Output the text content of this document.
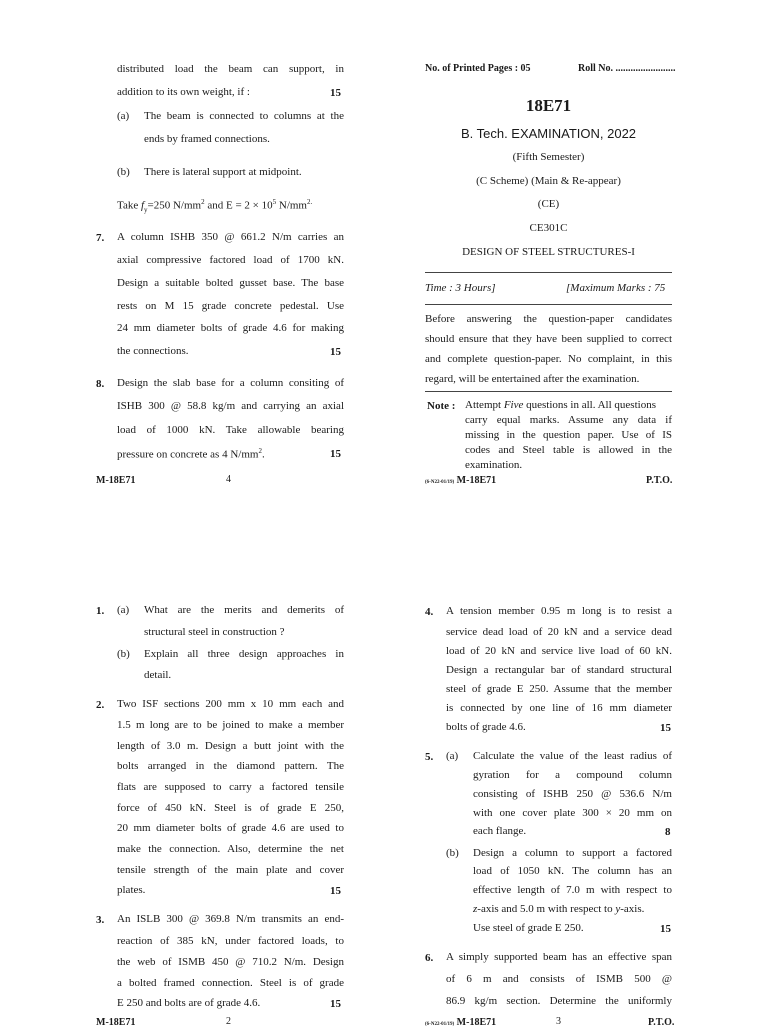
distributed load the beam can support, in
addition to its own weight, if :	15
(a) The beam is connected to columns at the
ends by framed connections.
(b) There is lateral support at midpoint.
Take $f_y=250$ $N/mm^2$ and $E = 2 \times 10^5$ $N/mm^{2.}$
7. A column ISHB 350 @ 661.2 N/m carries an
axial compressive factored load of 1700 kN.
Design a suitable bolted gusset base. The base
rests on M 15 grade concrete pedestal. Use
24 mm diameter bolts of grade 4.6 for making
the connections.	15
8. Design the slab base for a column consiting of
ISHB 300 @ 58.8 kg/m and carrying an axial
load of 1000 kN. Take allowable bearing
pressure on concrete as 4 $N/mm^2$.	15
M-18E71	4
No. of Printed Pages : 05	Roll No. ........................
18E71
B. Tech. EXAMINATION, 2022
(Fifth Semester)
(C Scheme) (Main & Re-appear)
(CE)
CE301C
DESIGN OF STEEL STRUCTURES-I
Time : 3 Hours]	[Maximum Marks : 75
Before answering the question-paper candidates
should ensure that they have been supplied to correct
and complete question-paper. No complaint, in this
regard, will be entertained after the examination.
Note : Attempt Five questions in all. All questions
carry equal marks. Assume any data if
missing in the question paper. Use of IS
codes and Steel table is allowed in the
examination.
(6-N22-01/19) M-18E71	P.T.O.
1. (a) What are the merits and demerits of
structural steel in construction ?
(b) Explain all three design approaches in
detail.
2. Two ISF sections 200 mm x 10 mm each and
1.5 m long are to be joined to make a member
length of 3.0 m. Design a butt joint with the
bolts arranged in the diamond pattern. The
flats are supposed to carry a factored tensile
force of 450 kN. Steel is of grade E 250,
20 mm diameter bolts of grade 4.6 are used to
make the connection. Also, determine the net
tensile strength of the main plate and cover
plates.	15
3. An ISLB 300 @ 369.8 N/m transmits an end-
reaction of 385 kN, under factored loads, to
the web of ISMB 450 @ 710.2 N/m. Design
a bolted framed connection. Steel is of grade
E 250 and bolts are of grade 4.6.	15
M-18E71	2
4. A tension member 0.95 m long is to resist a
service dead load of 20 kN and a service dead
load of 20 kN and service live load of 60 kN.
Design a rectangular bar of standard structural
steel of grade E 250. Assume that the member
is connected by one line of 16 mm diameter
bolts of grade 4.6.	15
5. (a) Calculate the value of the least radius of
gyration for a compound column
consisting of ISHB 250 @ 536.6 N/m
with one cover plate 300 × 20 mm on
each flange.	8
(b) Design a column to support a factored
load of 1050 kN. The column has an
effective length of 7.0 m with respect to
z-axis and 5.0 m with respect to y-axis.
Use steel of grade E 250.	15
6. A simply supported beam has an effective span
of 6 m and consists of ISMB 500 @
86.9 kg/m section. Determine the uniformly
(6-N22-01/19) M-18E71	3	P.T.O.
